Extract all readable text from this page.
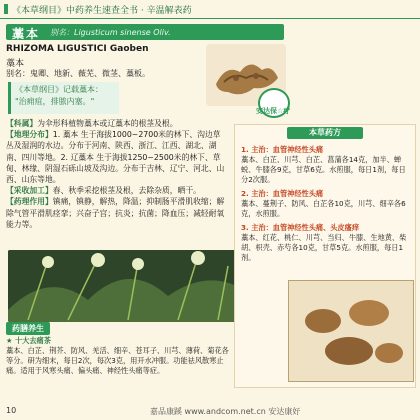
《本草纲目》中药养生速查全书 · 辛温解表药
藁本 别名：Ligusticum sinense Oliv.
RHIZOMA LIGUSTICI Gaoben
藁本
别名：鬼卿、地新、薇芜、微茎、藁板。
《本草纲目》记载藁本：
"治痈疽，排脓内塞。"
安达保☆疗
【科属】为伞形科植物藁本或辽藁本的根茎及根。
【地理分布】1. 藁本 生于海拔1000~2700米的林下、沟边草丛及湿润的水边。分布于河南、陕西、浙江、江西、湖北、湖南、四川等地。2. 辽藁本 生于海拔1250~2500米的林下、草甸、林缘、阴湿石砾山坡及沟边。分布于吉林、辽宁、河北、山西、山东等地。
【采收加工】春、秋季采挖根茎及根，去除杂质，晒干。
【药理作用】镇痛，镇静，解热，降温；抑制肠平滑肌收缩；解除气管平滑肌痉挛；兴奋子宫；抗炎；抗菌；降血压；减轻耐氧能力等。
药膳养生
★ 十大去痛茶
藁本、白芷、荆芥、防风、羌活、细辛、苍耳子、川芎、薄荷、菊花各等分。研为细末，每日2次，每次3克，用开水冲服。功能祛风散寒止痛。适用于风寒头痛、偏头痛、神经性头痛等症。
本草药方
1. 主治：血管神经性头痛
藁本、白芷、川芎、白芷、菖蒲各14克，加半、蝉蜕、牛膝各9克，甘草6克。水煎服，每日1剂，每日分2次服。
2. 主治：血管神经性头痛
藁本、蔓荆子、防风、白芷各10克，川芎、细辛各6克，水煎服。
3. 主治：血管神经性头痛、头皮瘙痒
藁本、红花、桃仁、川芎、当归、牛膝、生地黄、柴胡、枳壳、赤芍各10克，甘草5克。水煎服，每日1剂。
10	嘉品康蹊 www.andcom.net.cn 安达康好
